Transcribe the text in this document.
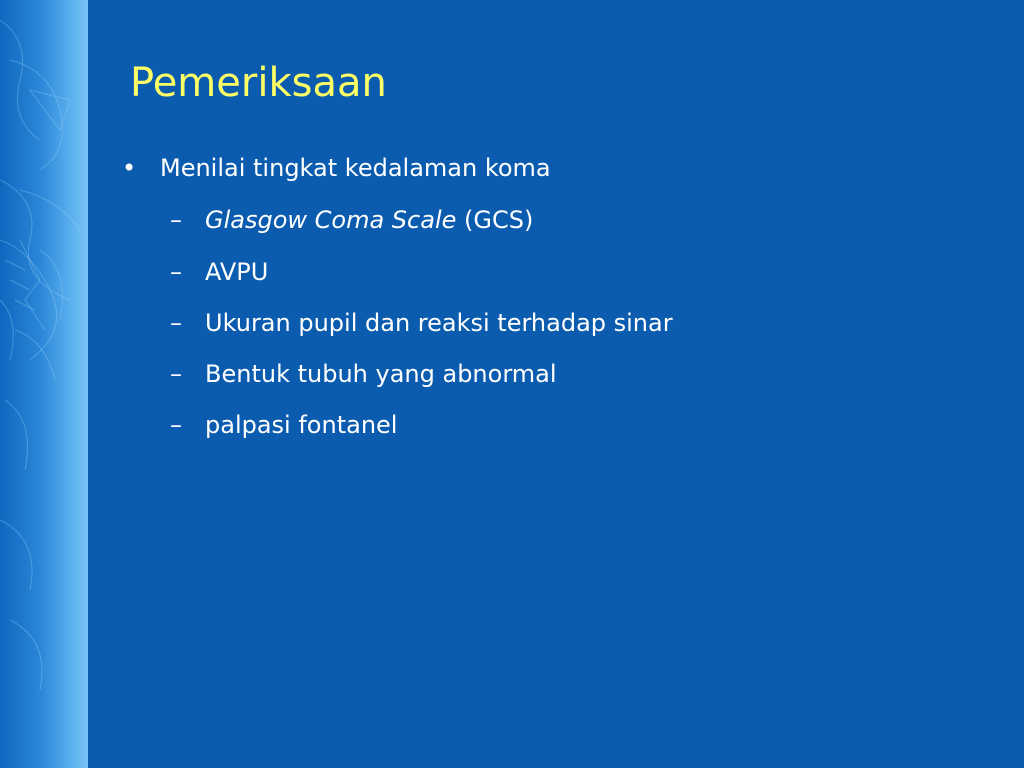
Pemeriksaan
• Menilai tingkat kedalaman koma
– Glasgow Coma Scale (GCS)
– AVPU
– Ukuran pupil dan reaksi terhadap sinar
– Bentuk tubuh yang abnormal
– palpasi fontanel
